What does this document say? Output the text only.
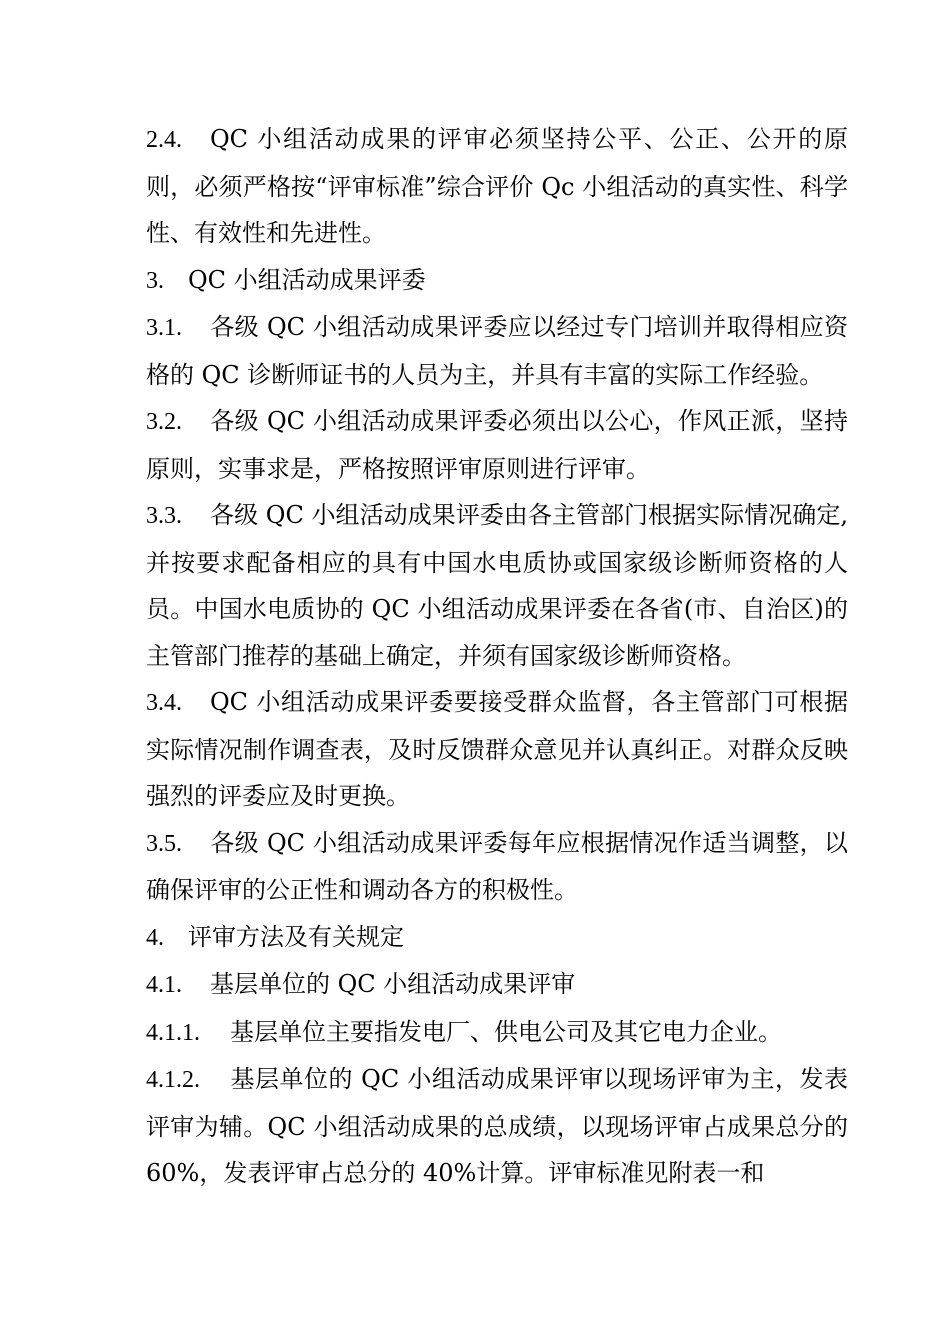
2.4. QC 小组活动成果的评审必须坚持公平、公正、公开的原则，必须严格按“评审标准”综合评价 Qc 小组活动的真实性、科学性、有效性和先进性。

3. QC 小组活动成果评委

3.1. 各级 QC 小组活动成果评委应以经过专门培训并取得相应资格的 QC 诊断师证书的人员为主，并具有丰富的实际工作经验。

3.2. 各级 QC 小组活动成果评委必须出以公心，作风正派，坚持原则，实事求是，严格按照评审原则进行评审。

3.3. 各级 QC 小组活动成果评委由各主管部门根据实际情况确定,并按要求配备相应的具有中国水电质协或国家级诊断师资格的人员。中国水电质协的 QC 小组活动成果评委在各省(市、自治区)的主管部门推荐的基础上确定，并须有国家级诊断师资格。

3.4. QC 小组活动成果评委要接受群众监督，各主管部门可根据实际情况制作调查表，及时反馈群众意见并认真纠正。对群众反映强烈的评委应及时更换。

3.5. 各级 QC 小组活动成果评委每年应根据情况作适当调整，以确保评审的公正性和调动各方的积极性。

4. 评审方法及有关规定

4.1. 基层单位的 QC 小组活动成果评审

4.1.1. 基层单位主要指发电厂、供电公司及其它电力企业。

4.1.2. 基层单位的 QC 小组活动成果评审以现场评审为主，发表评审为辅。QC 小组活动成果的总成绩，以现场评审占成果总分的 60%，发表评审占总分的 40%计算。评审标准见附表一和
